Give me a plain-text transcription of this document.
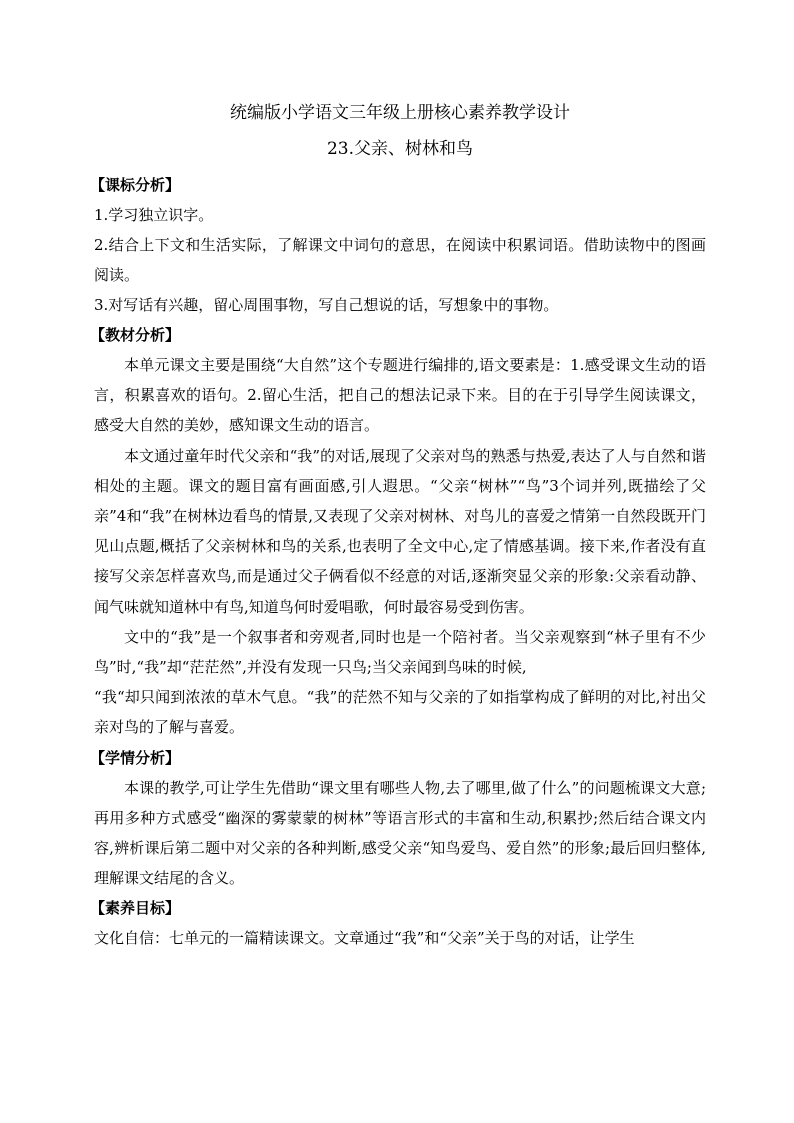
统编版小学语文三年级上册核心素养教学设计
23.父亲、树林和鸟
【课标分析】
1.学习独立识字。
2.结合上下文和生活实际，了解课文中词句的意思，在阅读中积累词语。借助读物中的图画阅读。
3.对写话有兴趣，留心周围事物，写自己想说的话，写想象中的事物。
【教材分析】
本单元课文主要是围绕“大自然”这个专题进行编排的,语文要素是：1.感受课文生动的语言，积累喜欢的语句。2.留心生活，把自己的想法记录下来。目的在于引导学生阅读课文，感受大自然的美妙，感知课文生动的语言。
本文通过童年时代父亲和“我”的对话,展现了父亲对鸟的熟悉与热爱,表达了人与自然和谐相处的主题。课文的题目富有画面感,引人遐思。“父亲“树林”“鸟”3个词并列,既描绘了父亲”4和“我”在树林边看鸟的情景,又表现了父亲对树林、对鸟儿的喜爱之情第一自然段既开门见山点题,概括了父亲树林和鸟的关系,也表明了全文中心,定了情感基调。接下来,作者没有直接写父亲怎样喜欢鸟,而是通过父子俩看似不经意的对话,逐渐突显父亲的形象:父亲看动静、闻气味就知道林中有鸟,知道鸟何时爱唱歌，何时最容易受到伤害。
文中的“我”是一个叙事者和旁观者,同时也是一个陪衬者。当父亲观察到“林子里有不少鸟”时,“我”却“茫茫然”,并没有发现一只鸟;当父亲闻到鸟味的时候,
“我“却只闻到浓浓的草木气息。“我”的茫然不知与父亲的了如指掌构成了鲜明的对比,衬出父亲对鸟的了解与喜爱。
【学情分析】
本课的教学,可让学生先借助“课文里有哪些人物,去了哪里,做了什么”的问题梳课文大意;再用多种方式感受“幽深的雾蒙蒙的树林”等语言形式的丰富和生动,积累抄;然后结合课文内容,辨析课后第二题中对父亲的各种判断,感受父亲“知鸟爱鸟、爱自然”的形象;最后回归整体,理解课文结尾的含义。
【素养目标】
文化自信：七单元的一篇精读课文。文章通过“我”和“父亲”关于鸟的对话，让学生
